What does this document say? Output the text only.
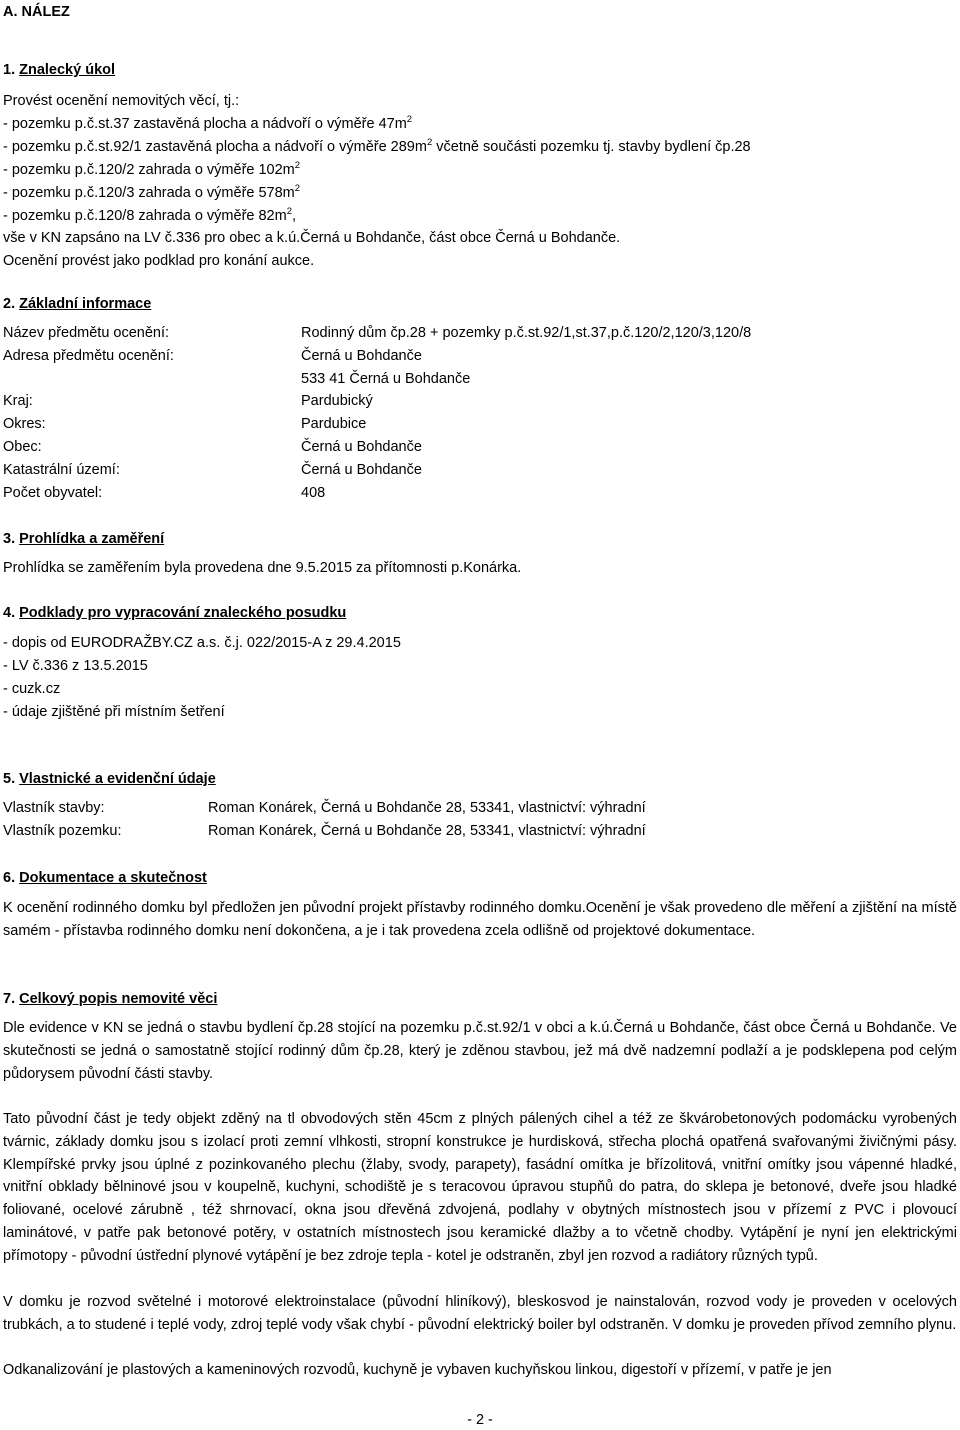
A. NÁLEZ
1. Znalecký úkol
Provést ocenění nemovitých věcí, tj.:
- pozemku p.č.st.37 zastavěná plocha a nádvoří o výměře $47m^2$
- pozemku p.č.st.92/1 zastavěná plocha a nádvoří o výměře $289m^2$ včetně součásti pozemku tj. stavby bydlení čp.28
- pozemku p.č.120/2 zahrada o výměře $102m^2$
- pozemku p.č.120/3 zahrada o výměře $578m^2$
- pozemku p.č.120/8 zahrada o výměře $82m^2$,
vše v KN zapsáno na LV č.336 pro obec a k.ú.Černá u Bohdanče, část obce Černá u Bohdanče.
Ocenění provést jako podklad pro konání aukce.
2. Základní informace
Název předmětu ocenění:	Rodinný dům čp.28 + pozemky p.č.st.92/1,st.37,p.č.120/2,120/3,120/8
Adresa předmětu ocenění:	Černá u Bohdanče
533 41 Černá u Bohdanče
Kraj:	Pardubický
Okres:	Pardubice
Obec:	Černá u Bohdanče
Katastrální území:	Černá u Bohdanče
Počet obyvatel:	408
3. Prohlídka a zaměření
Prohlídka se zaměřením byla provedena dne 9.5.2015 za přítomnosti p.Konárka.
4. Podklady pro vypracování znaleckého posudku
- dopis od EURODRAŽBY.CZ a.s. č.j. 022/2015-A z 29.4.2015
- LV č.336 z 13.5.2015
- cuzk.cz
- údaje zjištěné při místním šetření
5. Vlastnické a evidenční údaje
Vlastník stavby:	Roman Konárek, Černá u Bohdanče 28, 53341, vlastnictví: výhradní
Vlastník pozemku:	Roman Konárek, Černá u Bohdanče 28, 53341, vlastnictví: výhradní
6. Dokumentace a skutečnost
K ocenění rodinného domku byl předložen jen původní projekt přístavby rodinného domku.Ocenění je však provedeno dle měření a zjištění na místě samém - přístavba rodinného domku není dokončena, a je i tak provedena zcela odlišně od projektové dokumentace.
7. Celkový popis nemovité věci
Dle evidence v KN se jedná o stavbu bydlení čp.28 stojící na pozemku p.č.st.92/1 v obci a k.ú.Černá u Bohdanče, část obce Černá u Bohdanče. Ve skutečnosti se jedná o samostatně stojící rodinný dům čp.28, který je zděnou stavbou, jež má dvě nadzemní podlaží a je podsklepena pod celým půdorysem původní části stavby.
Tato původní část je tedy objekt zděný na tl obvodových stěn 45cm z plných pálených cihel a též ze škvárobetonových podomácku vyrobených tvárnic, základy domku jsou s izolací proti zemní vlhkosti, stropní konstrukce je hurdisková, střecha plochá opatřená svařovanými živičnými pásy. Klempířské prvky jsou úplné z pozinkovaného plechu (žlaby, svody, parapety), fasádní omítka je břízolitová, vnitřní omítky jsou vápenné hladké, vnitřní obklady bělninové jsou v koupelně, kuchyni, schodiště je s teracovou úpravou stupňů do patra, do sklepa je betonové, dveře jsou hladké foliované, ocelové zárubně , též shrnovací, okna jsou dřevěná zdvojená, podlahy v obytných místnostech jsou v přízemí z PVC i plovoucí laminátové, v patře pak betonové potěry, v ostatních místnostech jsou keramické dlažby a to včetně chodby. Vytápění je nyní jen elektrickými přímotopy - původní ústřední plynové vytápění je bez zdroje tepla - kotel je odstraněn, zbyl jen rozvod a radiátory různých typů.
V domku je rozvod světelné i motorové elektroinstalace (původní hliníkový), bleskosvod je nainstalován, rozvod vody je proveden v ocelových trubkách, a to studené i teplé vody, zdroj teplé vody však chybí - původní elektrický boiler byl odstraněn. V domku je proveden přívod zemního plynu.
Odkanalizování je plastových a kameninových rozvodů, kuchyně je vybaven kuchyňskou linkou, digestoří v přízemí, v patře je jen
- 2 -
